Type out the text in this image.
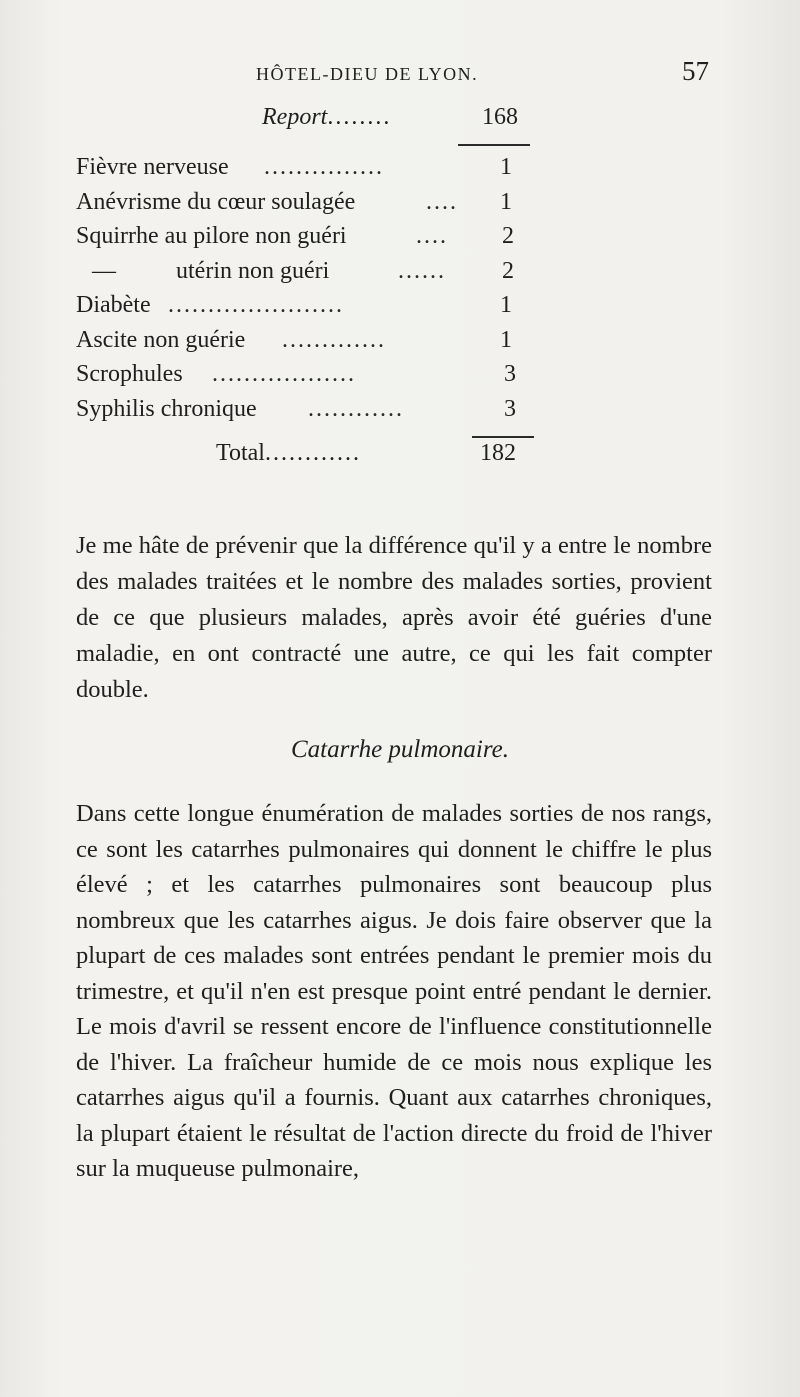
HÔTEL-DIEU DE LYON.	57
Report........	168
Fièvre nerveuse ...............	1
Anévrisme du cœur soulagée	.... 1
Squirrhe au pilore non guéri	.... 2
—          utérin non guéri	...... 2
Diabète ......................	1
Ascite non guérie .............	1
Scrophules ..................	3
Syphilis chronique ............	3
Total............	182
Je me hâte de prévenir que la différence qu'il y a entre le nombre des malades traitées et le nombre des malades sorties, provient de ce que plusieurs malades, après avoir été guéries d'une maladie, en ont contracté une autre, ce qui les fait compter double.
Catarrhe pulmonaire.
Dans cette longue énumération de malades sorties de nos rangs, ce sont les catarrhes pulmonaires qui donnent le chiffre le plus élevé ; et les catarrhes pulmonaires sont beaucoup plus nombreux que les catarrhes aigus. Je dois faire observer que la plupart de ces malades sont entrées pendant le premier mois du trimestre, et qu'il n'en est presque point entré pendant le dernier. Le mois d'avril se ressent encore de l'influence constitutionnelle de l'hiver. La fraîcheur humide de ce mois nous explique les catarrhes aigus qu'il a fournis. Quant aux catarrhes chroniques, la plupart étaient le résultat de l'action directe du froid de l'hiver sur la muqueuse pulmonaire,
